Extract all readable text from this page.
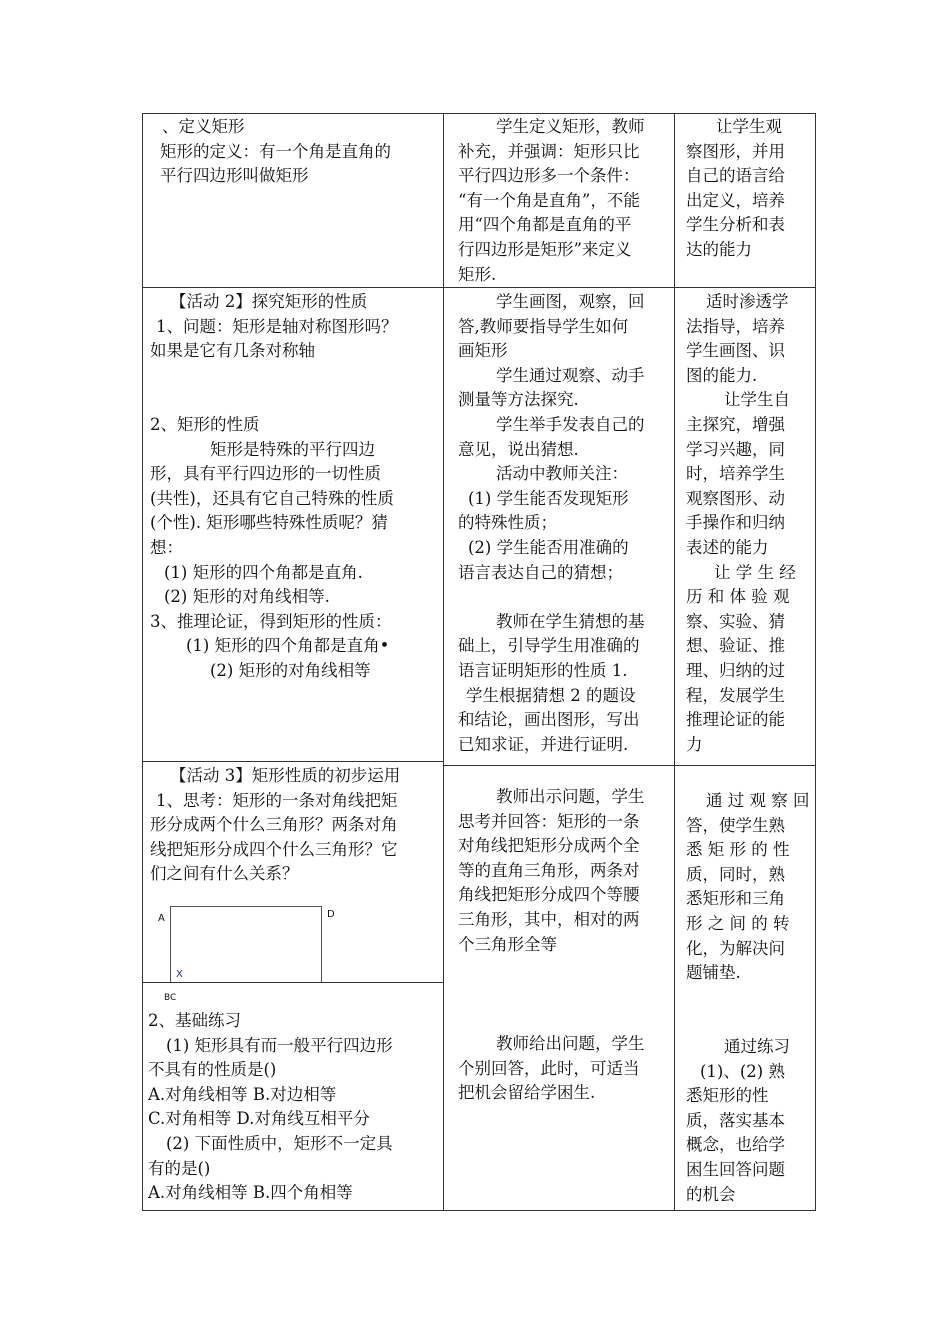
、定义矩形

矩形的定义：有一个角是直角的

平行四边形叫做矩形

学生定义矩形，教师

补充，并强调：矩形只比

平行四边形多一个条件：

“有一个角是直角”，不能

用“四个角都是直角的平

行四边形是矩形”来定义

矩形.

让学生观

察图形，并用

自己的语言给

出定义，培养

学生分析和表

达的能力

【活动 2】探究矩形的性质

1、问题：矩形是轴对称图形吗？

如果是它有几条对称轴

2、矩形的性质

矩形是特殊的平行四边

形，具有平行四边形的一切性质

(共性)，还具有它自己特殊的性质

(个性). 矩形哪些特殊性质呢？猜

想：

(1) 矩形的四个角都是直角.

(2) 矩形的对角线相等.

3、推理论证，得到矩形的性质：

(1) 矩形的四个角都是直角•

(2) 矩形的对角线相等

学生画图，观察，回

答,教师要指导学生如何

画矩形

学生通过观察、动手

测量等方法探究.

学生举手发表自己的

意见，说出猜想.

活动中教师关注：

(1) 学生能否发现矩形

的特殊性质；

(2) 学生能否用准确的

语言表达自己的猜想；

教师在学生猜想的基

础上，引导学生用准确的

语言证明矩形的性质 1.

学生根据猜想 2 的题设

和结论，画出图形，写出

已知求证，并进行证明.

适时渗透学

法指导，培养

学生画图、识

图的能力.

让学生自

主探究，增强

学习兴趣，同

时，培养学生

观察图形、动

手操作和归纳

表述的能力

让 学 生 经

历 和 体 验 观

察、实验、猜

想、验证、推

理、归纳的过

程，发展学生

推理论证的能

力

【活动 3】矩形性质的初步运用

1、思考：矩形的一条对角线把矩

形分成两个什么三角形？两条对角

线把矩形分成四个什么三角形？它

们之间有什么关系？

A	D
X
BC

2、基础练习

(1) 矩形具有而一般平行四边形

不具有的性质是()

A.对角线相等 B.对边相等

C.对角相等 D.对角线互相平分

(2) 下面性质中，矩形不一定具

有的是()

A.对角线相等 B.四个角相等

教师出示问题，学生

思考并回答：矩形的一条

对角线把矩形分成两个全

等的直角三角形，两条对

角线把矩形分成四个等腰

三角形，其中，相对的两

个三角形全等

教师给出问题，学生

个别回答，此时，可适当

把机会留给学困生.

通 过 观 察 回

答，使学生熟

悉 矩 形 的 性

质，同时，熟

悉矩形和三角

形 之 间 的 转

化，为解决问

题铺垫.

通过练习

(1)、(2) 熟

悉矩形的性

质，落实基本

概念，也给学

困生回答问题

的机会
